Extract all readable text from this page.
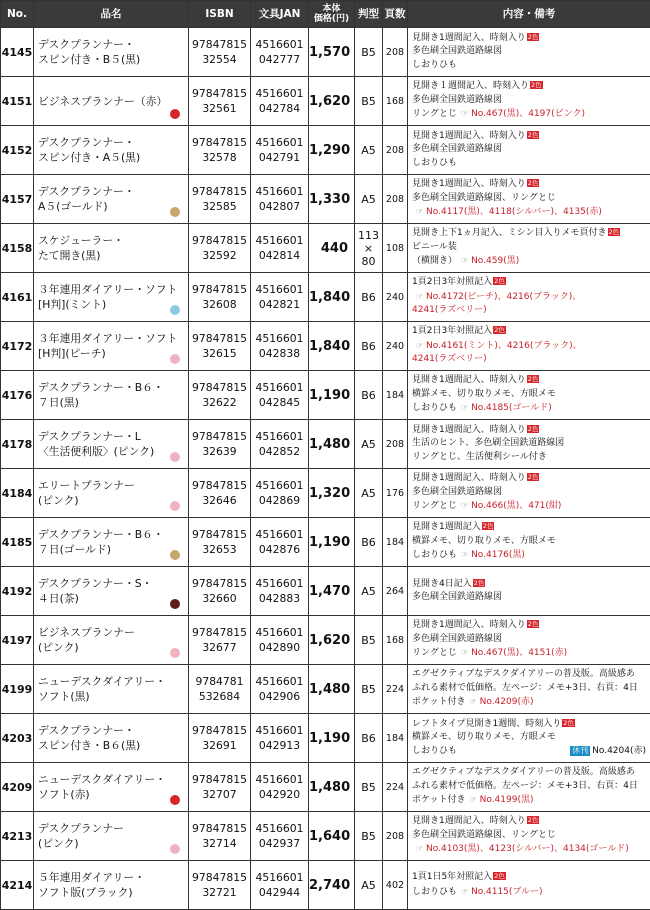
No.	品名	ISBN	文具JAN	本体
価格(円)	判型	頁数	内容・備考
4145	デスクプランナー・
スピン付き・B５(黒)	97847815
32554	4516601
042777	1,570	B5	208	見開き1週間記入、時刻入り 2色
多色刷全国鉄道路線図
しおりひも

4151	ビジネスプランナー（赤）	97847815
32561	4516601
042784	1,620	B5	168	見開き１週間記入、時刻入り 2色
多色刷全国鉄道路線図
リングとじ ☞ No.467(黒)、4197(ピンク)

4152	デスクプランナー・
スピン付き・A５(黒)	97847815
32578	4516601
042791	1,290	A5	208	見開き1週間記入、時刻入り 2色
多色刷全国鉄道路線図
しおりひも

4157	デスクプランナー・
A５(ゴールド)	97847815
32585	4516601
042807	1,330	A5	208	見開き1週間記入、時刻入り 2色
多色刷全国鉄道路線図、リングとじ
☞ No.4117(黒)、4118(シルバー)、4135(赤)

4158	スケジューラー・
たて開き(黒)	97847815
32592	4516601
042814	440	113
×
80	108	見開き上下1ヵ月記入、ミシン目入りメモ頁付き 2色
ビニール装
（横開き） ☞ No.459(黒)

4161	３年連用ダイアリー・ソフト
[H判](ミント)	97847815
32608	4516601
042821	1,840	B6	240	1頁2日3年対照記入 2色
☞ No.4172(ピーチ)、4216(ブラック)、
4241(ラズベリー)

4172	３年連用ダイアリー・ソフト
[H判](ピーチ)	97847815
32615	4516601
042838	1,840	B6	240	1頁2日3年対照記入 2色
☞ No.4161(ミント)、4216(ブラック)、
4241(ラズベリー)

4176	デスクプランナー・B６・
７日(黒)	97847815
32622	4516601
042845	1,190	B6	184	見開き1週間記入、時刻入り 2色
横罫メモ、切り取りメモ、方眼メモ
しおりひも ☞ No.4185(ゴールド)

4178	デスクプランナー・L
〈生活便利版〉(ピンク)	97847815
32639	4516601
042852	1,480	A5	208	見開き1週間記入、時刻入り 2色
生活のヒント、多色刷全国鉄道路線図
リングとじ、生活便利シール付き

4184	エリートプランナー
(ピンク)	97847815
32646	4516601
042869	1,320	A5	176	見開き1週間記入、時刻入り 2色
多色刷全国鉄道路線図
リングとじ ☞ No.466(黒)、471(紺)

4185	デスクプランナー・B６・
７日(ゴールド)	97847815
32653	4516601
042876	1,190	B6	184	見開き1週間記入 2色
横罫メモ、切り取りメモ、方眼メモ
しおりひも ☞ No.4176(黒)

4192	デスクプランナー・S・
４日(茶)	97847815
32660	4516601
042883	1,470	A5	264	見開き4日記入 2色
多色刷全国鉄道路線図

4197	ビジネスプランナー
(ピンク)	97847815
32677	4516601
042890	1,620	B5	168	見開き1週間記入、時刻入り 2色
多色刷全国鉄道路線図
リングとじ ☞ No.467(黒)、4151(赤)

4199	ニューデスクダイアリー・
ソフト(黒)	9784781
532684	4516601
042906	1,480	B5	224	エグゼクティブなデスクダイアリーの普及版。高級感あ
ふれる素材で低価格。左ページ：メモ+3日、右頁：4日
ポケット付き ☞ No.4209(赤)

4203	デスクプランナー・
スピン付き・B６(黒)	97847815
32691	4516601
042913	1,190	B6	184	レフトタイプ見開き1週間、時刻入り 2色
横罫メモ、切り取りメモ、方眼メモ
しおりひも 休刊 No.4204(赤)

4209	ニューデスクダイアリー・
ソフト(赤)	97847815
32707	4516601
042920	1,480	B5	224	エグゼクティブなデスクダイアリーの普及版。高級感あ
ふれる素材で低価格。左ページ：メモ+3日、右頁：4日
ポケット付き ☞ No.4199(黒)

4213	デスクプランナー
(ピンク)	97847815
32714	4516601
042937	1,640	B5	208	見開き1週間記入、時刻入り 2色
多色刷全国鉄道路線図、リングとじ
☞ No.4103(黒)、4123(シルバー)、4134(ゴールド)

4214	５年連用ダイアリー・
ソフト版(ブラック)	97847815
32721	4516601
042944	2,740	A5	402	1頁1日5年対照記入 2色
しおりひも ☞ No.4115(ブルー)
